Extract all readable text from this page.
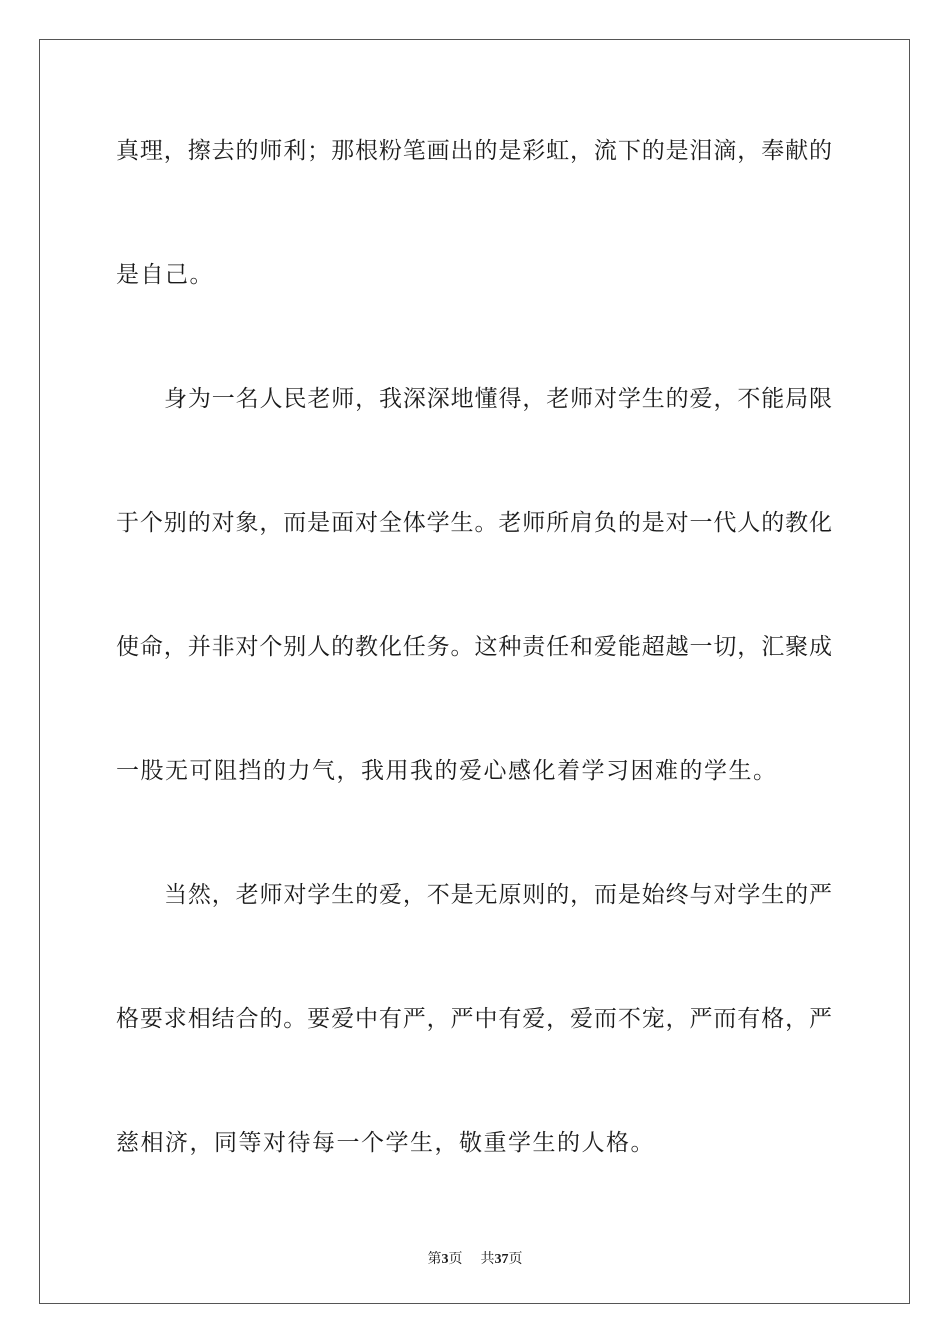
真理，擦去的师利；那根粉笔画出的是彩虹，流下的是泪滴，奉献的
是自己。
身为一名人民老师，我深深地懂得，老师对学生的爱，不能局限
于个别的对象，而是面对全体学生。老师所肩负的是对一代人的教化
使命，并非对个别人的教化任务。这种责任和爱能超越一切，汇聚成
一股无可阻挡的力气，我用我的爱心感化着学习困难的学生。
当然，老师对学生的爱，不是无原则的，而是始终与对学生的严
格要求相结合的。要爱中有严，严中有爱，爱而不宠，严而有格，严
慈相济，同等对待每一个学生，敬重学生的人格。
第3页 共37页
